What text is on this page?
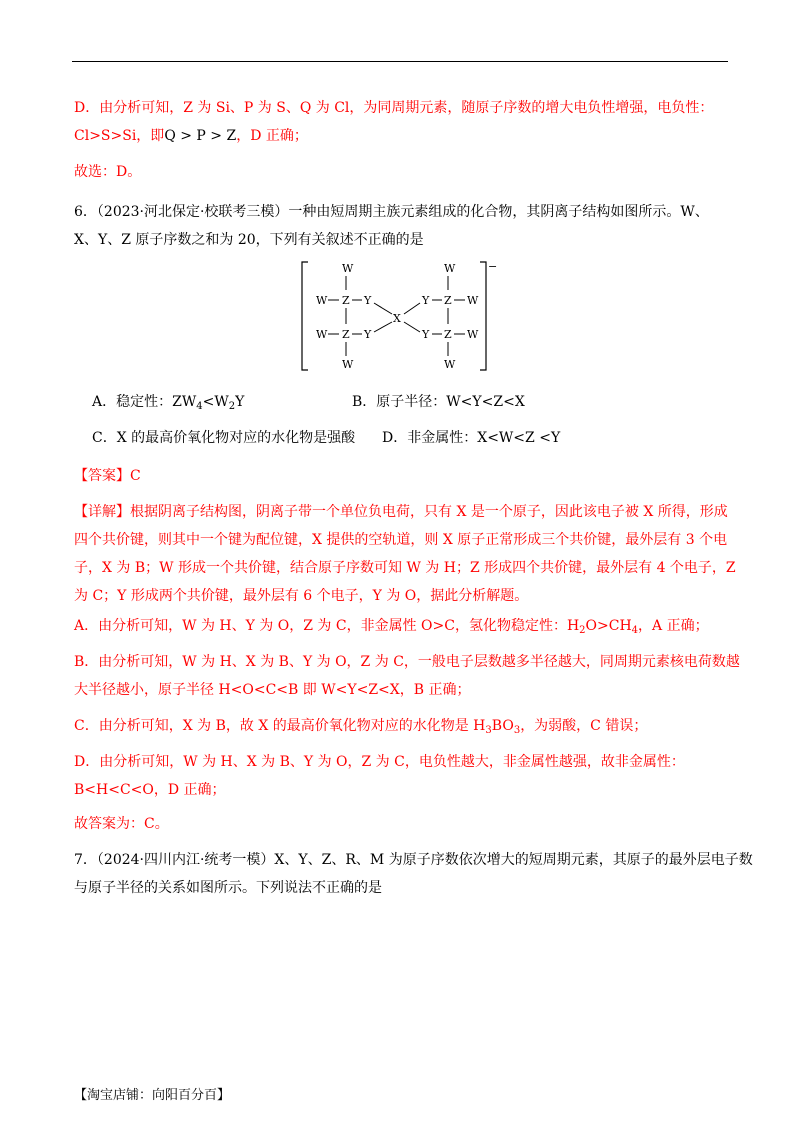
D．由分析可知，Z 为 Si、P 为 S、Q 为 Cl，为同周期元素，随原子序数的增大电负性增强，电负性：
Cl>S>Si，即Q > P > Z，D 正确；
故选：D。
6．（2023·河北保定·校联考三模）一种由短周期主族元素组成的化合物，其阴离子结构如图所示。W、
X、Y、Z 原子序数之和为 20，下列有关叙述不正确的是
−
W
W Z Y
W Z Y
W
X
W
Y Z W
Y Z W
W
A．稳定性：$ZW_4<W_2Y$	B．原子半径：W<Y<Z<X
C．X 的最高价氧化物对应的水化物是强酸 D．非金属性：X<W<Z <Y
【答案】C
【详解】根据阴离子结构图，阴离子带一个单位负电荷，只有 X 是一个原子，因此该电子被 X 所得，形成
四个共价键，则其中一个键为配位键，X 提供的空轨道，则 X 原子正常形成三个共价键，最外层有 3 个电
子，X 为 B；W 形成一个共价键，结合原子序数可知 W 为 H；Z 形成四个共价键，最外层有 4 个电子，Z
为 C；Y 形成两个共价键，最外层有 6 个电子，Y 为 O，据此分析解题。
A．由分析可知，W 为 H、Y 为 O，Z 为 C，非金属性 O>C，氢化物稳定性：$H_2O>CH_4$，A 正确；
B．由分析可知，W 为 H、X 为 B、Y 为 O，Z 为 C，一般电子层数越多半径越大，同周期元素核电荷数越
大半径越小，原子半径 H<O<C<B 即 W<Y<Z<X，B 正确；
C．由分析可知，X 为 B，故 X 的最高价氧化物对应的水化物是 $H_3BO_3$，为弱酸，C 错误；
D．由分析可知，W 为 H、X 为 B、Y 为 O，Z 为 C，电负性越大，非金属性越强，故非金属性：
B<H<C<O，D 正确；
故答案为：C。
7．（2024·四川内江·统考一模）X、Y、Z、R、M 为原子序数依次增大的短周期元素，其原子的最外层电子数
与原子半径的关系如图所示。下列说法不正确的是
【淘宝店铺：向阳百分百】
